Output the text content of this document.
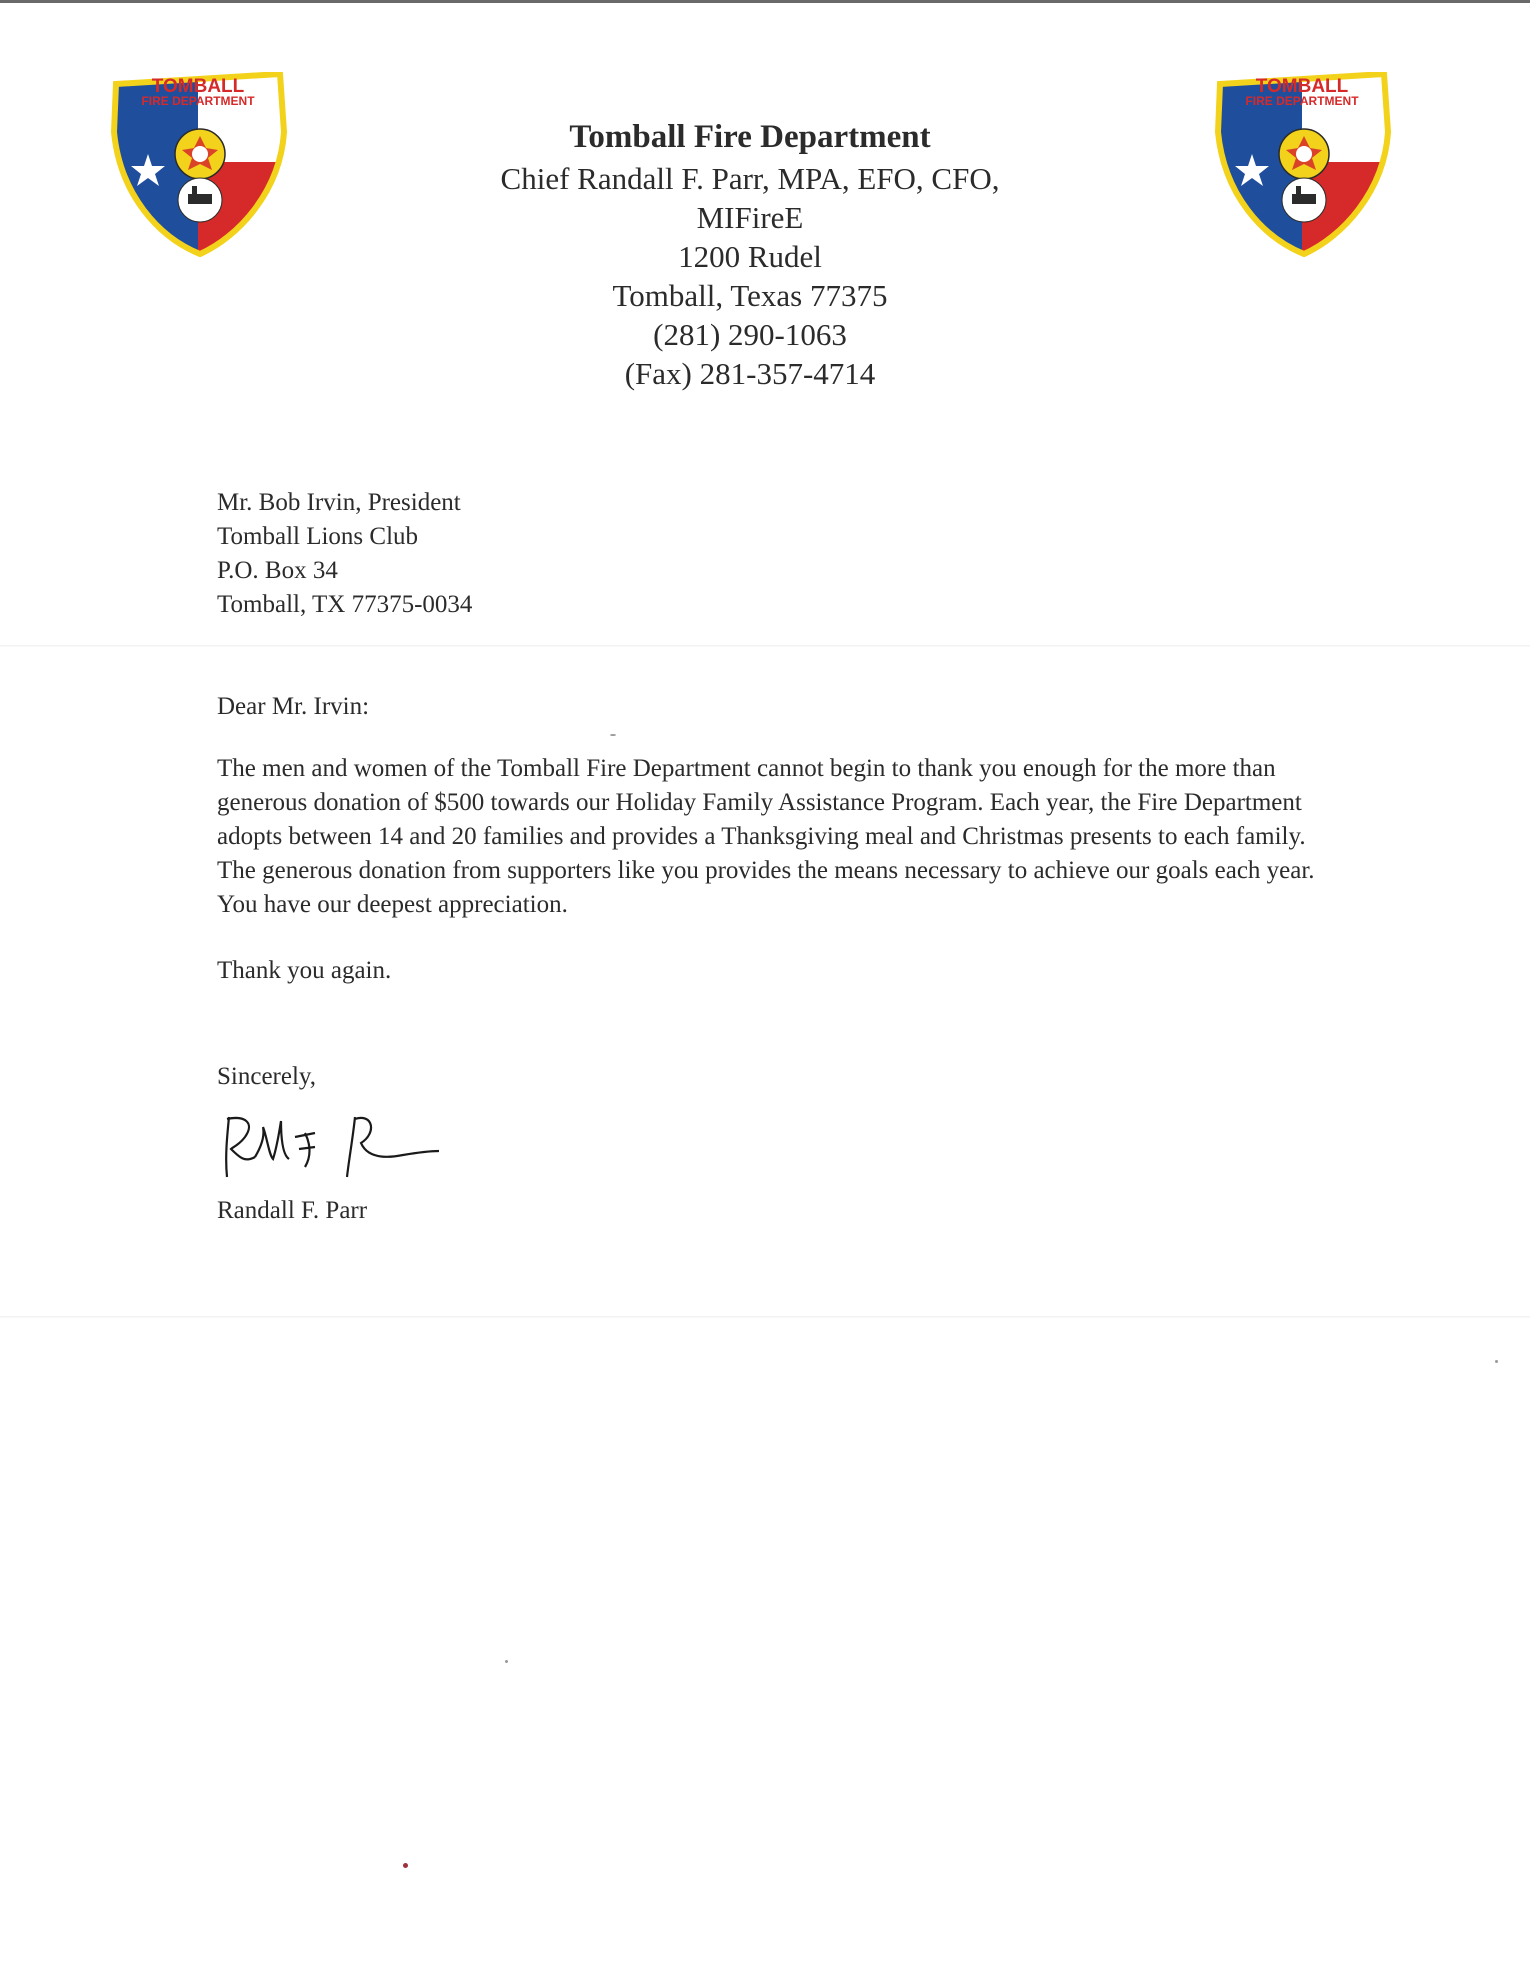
TOMBALL
FIRE DEPARTMENT
TOMBALL
FIRE DEPARTMENT
Tomball Fire Department
Chief Randall F. Parr, MPA, EFO, CFO,
MIFireE
1200 Rudel
Tomball, Texas 77375
(281) 290-1063
(Fax) 281-357-4714
Mr. Bob Irvin, President
Tomball Lions Club
P.O. Box 34
Tomball, TX 77375-0034
Dear Mr. Irvin:

The men and women of the Tomball Fire Department cannot begin to thank you enough for the more than generous donation of $500 towards our Holiday Family Assistance Program. Each year, the Fire Department adopts between 14 and 20 families and provides a Thanksgiving meal and Christmas presents to each family. The generous donation from supporters like you provides the means necessary to achieve our goals each year. You have our deepest appreciation.

Thank you again.

Sincerely,
Randall F. Parr
